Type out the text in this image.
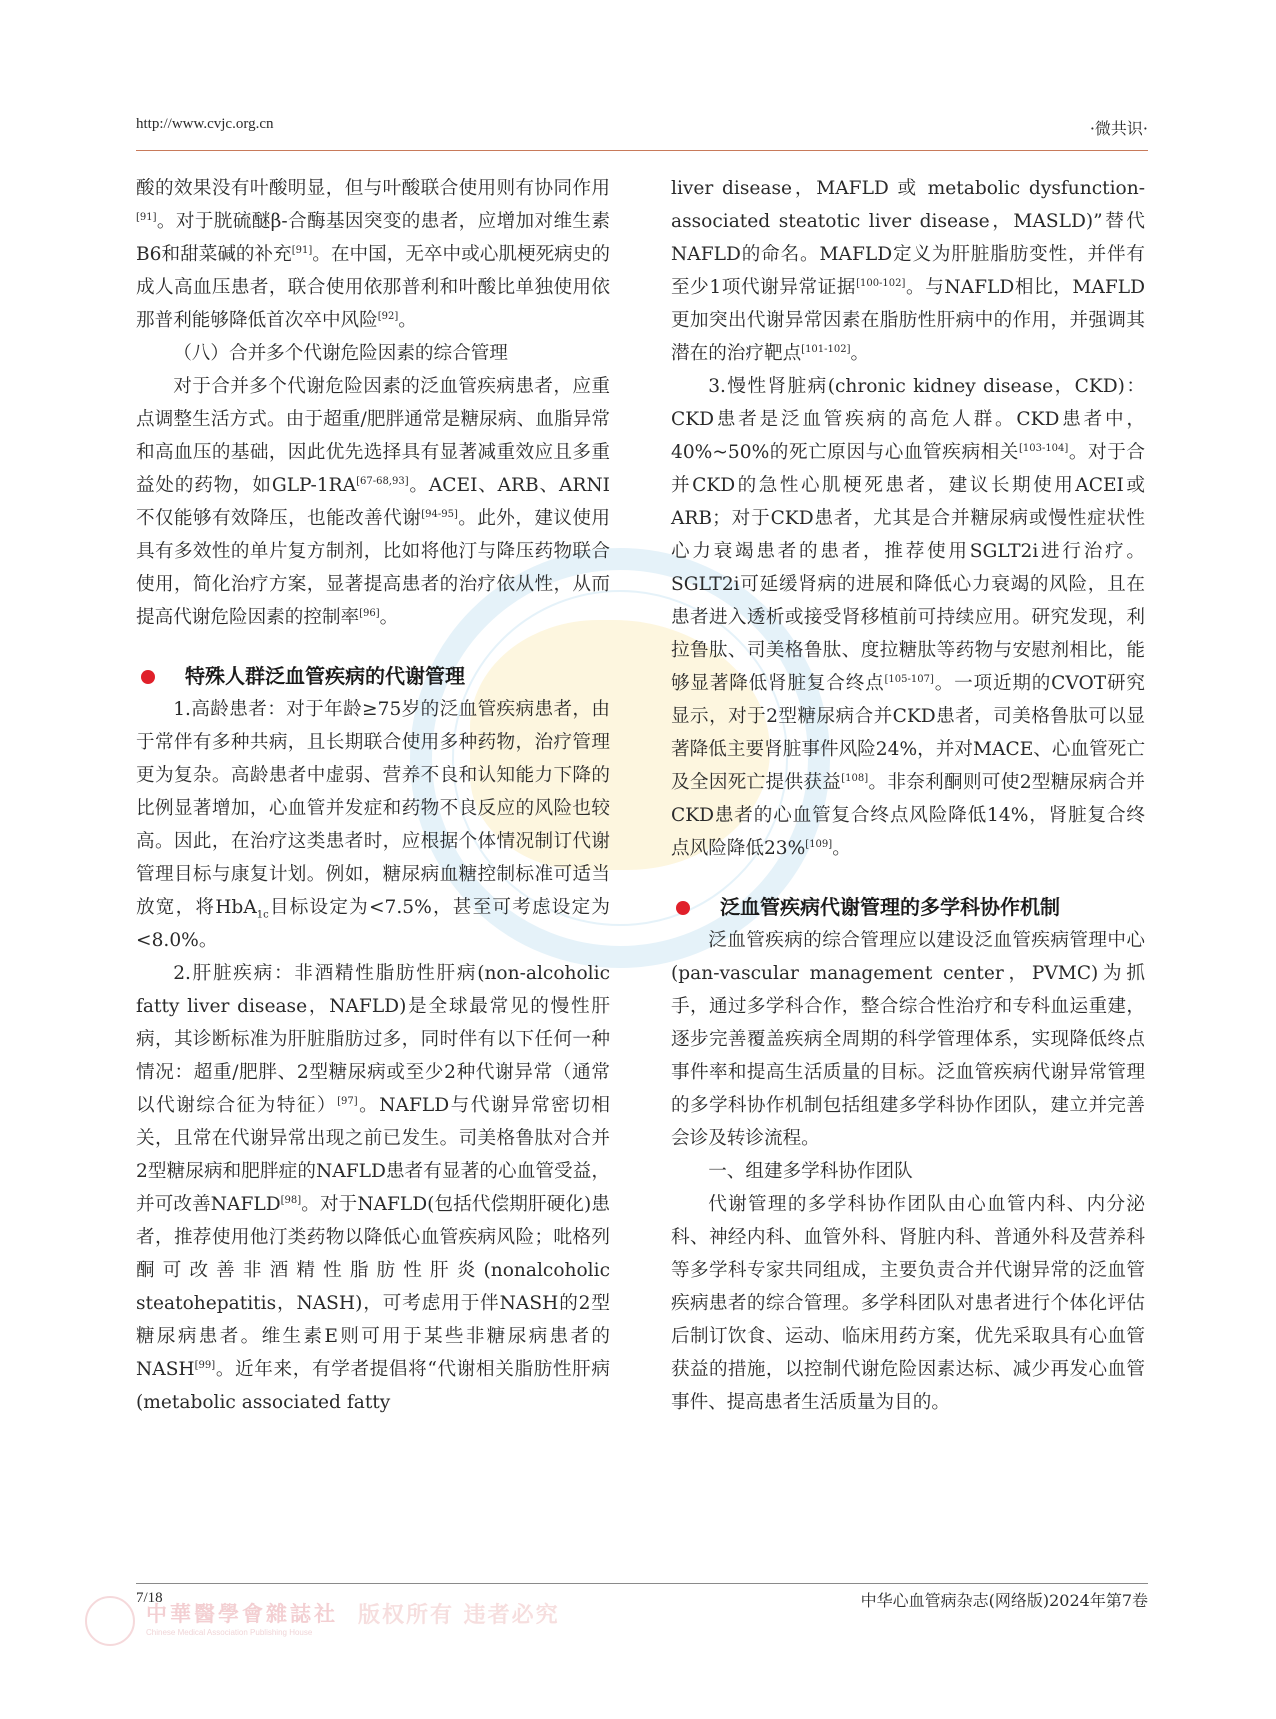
http://www.cvjc.org.cn	·微共识·

酸的效果没有叶酸明显，但与叶酸联合使用则有协同作用[91]。对于胱硫醚β-合酶基因突变的患者，应增加对维生素B6和甜菜碱的补充[91]。在中国，无卒中或心肌梗死病史的成人高血压患者，联合使用依那普利和叶酸比单独使用依那普利能够降低首次卒中风险[92]。

（八）合并多个代谢危险因素的综合管理

对于合并多个代谢危险因素的泛血管疾病患者，应重点调整生活方式。由于超重/肥胖通常是糖尿病、血脂异常和高血压的基础，因此优先选择具有显著减重效应且多重益处的药物，如GLP-1RA[67-68,93]。ACEI、ARB、ARNI不仅能够有效降压，也能改善代谢[94-95]。此外，建议使用具有多效性的单片复方制剂，比如将他汀与降压药物联合使用，简化治疗方案，显著提高患者的治疗依从性，从而提高代谢危险因素的控制率[96]。

特殊人群泛血管疾病的代谢管理

1.高龄患者：对于年龄≥75岁的泛血管疾病患者，由于常伴有多种共病，且长期联合使用多种药物，治疗管理更为复杂。高龄患者中虚弱、营养不良和认知能力下降的比例显著增加，心血管并发症和药物不良反应的风险也较高。因此，在治疗这类患者时，应根据个体情况制订代谢管理目标与康复计划。例如，糖尿病血糖控制标准可适当放宽，将HbA$_{1c}$目标设定为<7.5%，甚至可考虑设定为<8.0%。

2.肝脏疾病：非酒精性脂肪性肝病(non-alcoholic fatty liver disease，NAFLD)是全球最常见的慢性肝病，其诊断标准为肝脏脂肪过多，同时伴有以下任何一种情况：超重/肥胖、2型糖尿病或至少2种代谢异常（通常以代谢综合征为特征）[97]。NAFLD与代谢异常密切相关，且常在代谢异常出现之前已发生。司美格鲁肽对合并2型糖尿病和肥胖症的NAFLD患者有显著的心血管受益，并可改善NAFLD[98]。对于NAFLD(包括代偿期肝硬化)患者，推荐使用他汀类药物以降低心血管疾病风险；吡格列酮可改善非酒精性脂肪性肝炎(nonalcoholic steatohepatitis，NASH)，可考虑用于伴NASH的2型糖尿病患者。维生素E则可用于某些非糖尿病患者的NASH[99]。近年来，有学者提倡将“代谢相关脂肪性肝病(metabolic associated fatty

liver disease，MAFLD 或 metabolic dysfunction-associated steatotic liver disease，MASLD)”替代NAFLD的命名。MAFLD定义为肝脏脂肪变性，并伴有至少1项代谢异常证据[100-102]。与NAFLD相比，MAFLD更加突出代谢异常因素在脂肪性肝病中的作用，并强调其潜在的治疗靶点[101-102]。

3.慢性肾脏病(chronic kidney disease，CKD)：CKD患者是泛血管疾病的高危人群。CKD患者中，40%~50%的死亡原因与心血管疾病相关[103-104]。对于合并CKD的急性心肌梗死患者，建议长期使用ACEI或ARB；对于CKD患者，尤其是合并糖尿病或慢性症状性心力衰竭患者的患者，推荐使用SGLT2i进行治疗。SGLT2i可延缓肾病的进展和降低心力衰竭的风险，且在患者进入透析或接受肾移植前可持续应用。研究发现，利拉鲁肽、司美格鲁肽、度拉糖肽等药物与安慰剂相比，能够显著降低肾脏复合终点[105-107]。一项近期的CVOT研究显示，对于2型糖尿病合并CKD患者，司美格鲁肽可以显著降低主要肾脏事件风险24%，并对MACE、心血管死亡及全因死亡提供获益[108]。非奈利酮则可使2型糖尿病合并CKD患者的心血管复合终点风险降低14%，肾脏复合终点风险降低23%[109]。

泛血管疾病代谢管理的多学科协作机制

泛血管疾病的综合管理应以建设泛血管疾病管理中心(pan-vascular management center，PVMC)为抓手，通过多学科合作，整合综合性治疗和专科血运重建，逐步完善覆盖疾病全周期的科学管理体系，实现降低终点事件率和提高生活质量的目标。泛血管疾病代谢异常管理的多学科协作机制包括组建多学科协作团队，建立并完善会诊及转诊流程。

一、组建多学科协作团队

代谢管理的多学科协作团队由心血管内科、内分泌科、神经内科、血管外科、肾脏内科、普通外科及营养科等多学科专家共同组成，主要负责合并代谢异常的泛血管疾病患者的综合管理。多学科团队对患者进行个体化评估后制订饮食、运动、临床用药方案，优先采取具有心血管获益的措施，以控制代谢危险因素达标、减少再发心血管事件、提高患者生活质量为目的。

7/18	中华心血管病杂志(网络版)2024年第7卷
中華醫學會雜誌社
Chinese Medical Association Publishing House
版权所有 违者必究
